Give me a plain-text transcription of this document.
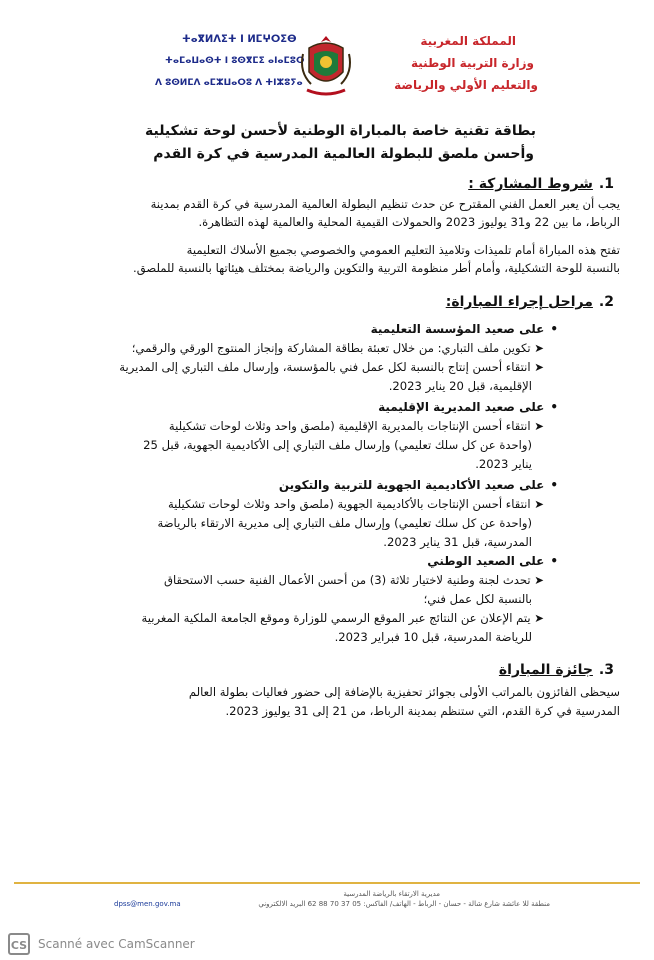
ⵜⴰⴳⵍⴷⵉⵜ ⵏ ⵍⵎⵖⵔⵉⴱ
ⵜⴰⵎⴰⵡⴰⵙⵜ ⵏ ⵓⵙⴳⵎⵉ ⴰⵏⴰⵎⵓⵔ
ⴷ ⵓⵙⵍⵎⴷ ⴰⵎⵣⵡⴰⵔⵓ ⴷ ⵜⵏⵣⵓⵢⴰ
المملكة المغربية
وزارة التربية الوطنية
والتعليم الأولي والرياضة
بطاقة تقنية خاصة بالمباراة الوطنية لأحسن لوحة تشكيلية
وأحسن ملصق للبطولة العالمية المدرسية في كرة القدم
1.شروط المشاركة :
يجب أن يعبر العمل الفني المقترح عن حدث تنظيم البطولة العالمية المدرسية في كرة القدم بمدينة
الرباط، ما بين 22 و31 يوليوز 2023 والحمولات القيمية المحلية والعالمية لهذه التظاهرة.
تفتح هذه المباراة أمام تلميذات وتلاميذ التعليم العمومي والخصوصي بجميع الأسلاك التعليمية
بالنسبة للوحة التشكيلية، وأمام أطر منظومة التربية والتكوين والرياضة بمختلف هيئاتها بالنسبة للملصق.
2.مراحل إجراء المباراة:
•على صعيد المؤسسة التعليمية
➤ تكوين ملف التباري: من خلال تعبئة بطاقة المشاركة وإنجاز المنتوج الورقي والرقمي؛
➤ انتقاء أحسن إنتاج بالنسبة لكل عمل فني بالمؤسسة، وإرسال ملف التباري إلى المديرية
الإقليمية، قبل 20 يناير 2023.
•على صعيد المديرية الإقليمية
➤ انتقاء أحسن الإنتاجات بالمديرية الإقليمية (ملصق واحد وثلاث لوحات تشكيلية
(واحدة عن كل سلك تعليمي) وإرسال ملف التباري إلى الأكاديمية الجهوية، قبل 25
يناير 2023.
•على صعيد الأكاديمية الجهوية للتربية والتكوين
➤ انتقاء أحسن الإنتاجات بالأكاديمية الجهوية (ملصق واحد وثلاث لوحات تشكيلية
(واحدة عن كل سلك تعليمي) وإرسال ملف التباري إلى مديرية الارتقاء بالرياضة
المدرسية، قبل 31 يناير 2023.
•على الصعيد الوطني
➤ تحدث لجنة وطنية لاختيار ثلاثة (3) من أحسن الأعمال الفنية حسب الاستحقاق
بالنسبة لكل عمل فني؛
➤ يتم الإعلان عن النتائج عبر الموقع الرسمي للوزارة وموقع الجامعة الملكية المغربية
للرياضة المدرسية، قبل 10 فبراير 2023.
3.جائزة المباراة
سيحظى الفائزون بالمراتب الأولى بجوائز تحفيزية بالإضافة إلى حضور فعاليات بطولة العالم
المدرسية في كرة القدم، التي ستنظم بمدينة الرباط، من 21 إلى 31 يوليوز 2023.
مديرية الارتقاء بالرياضة المدرسية
منطقة للا عائشة شارع شالة - حسان - الرباط - الهاتف/ الفاكس: 05 37 70 88 62 البريد الالكتروني
dpss@men.gov.ma
CS Scanné avec CamScanner
